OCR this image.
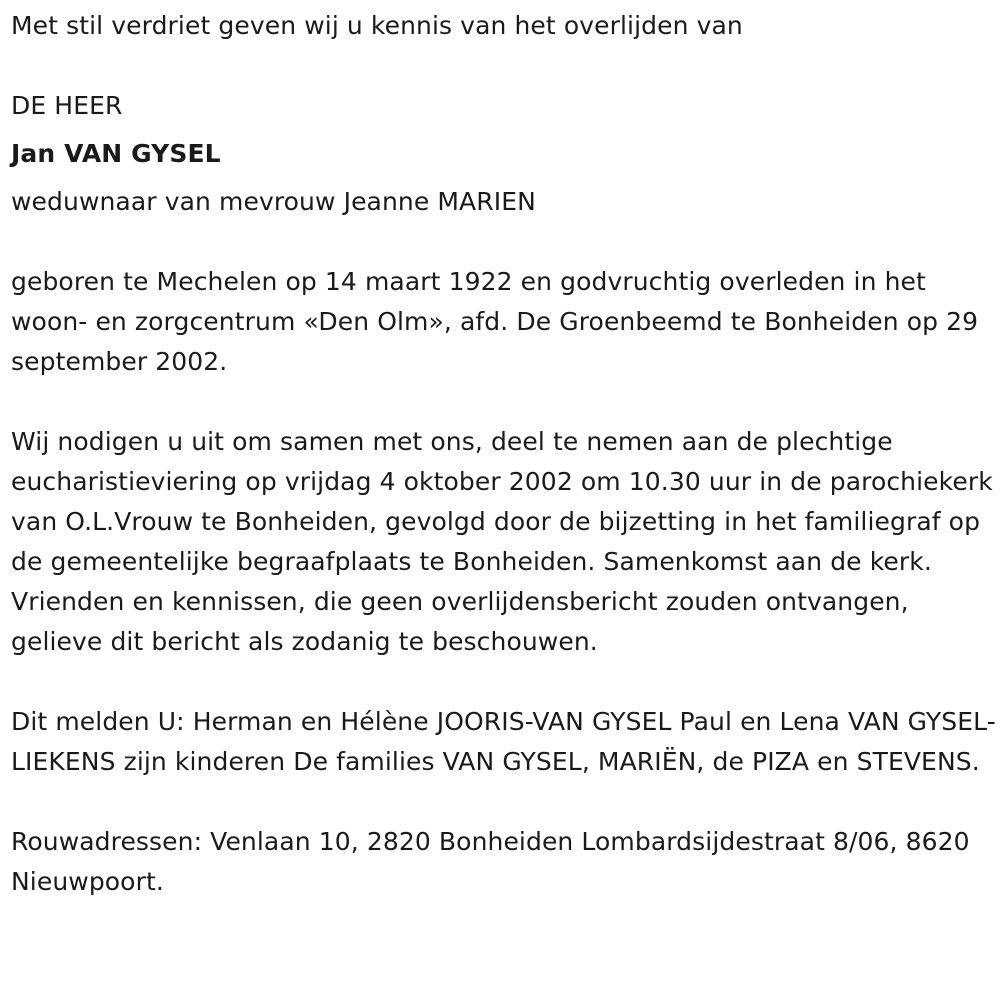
Met stil verdriet geven wij u kennis van het overlijden van

DE HEER

Jan VAN GYSEL

weduwnaar van mevrouw Jeanne MARIEN

geboren te Mechelen op 14 maart 1922 en godvruchtig overleden in het woon- en zorgcentrum «Den Olm», afd. De Groenbeemd te Bonheiden op 29 september 2002.

Wij nodigen u uit om samen met ons, deel te nemen aan de plechtige eucharistieviering op vrijdag 4 oktober 2002 om 10.30 uur in de parochiekerk van O.L.Vrouw te Bonheiden, gevolgd door de bijzetting in het familiegraf op de gemeentelijke begraafplaats te Bonheiden. Samenkomst aan de kerk. Vrienden en kennissen, die geen overlijdensbericht zouden ontvangen, gelieve dit bericht als zodanig te beschouwen.

Dit melden U: Herman en Hélène JOORIS-VAN GYSEL Paul en Lena VAN GYSEL-LIEKENS zijn kinderen De families VAN GYSEL, MARIËN, de PIZA en STEVENS.

Rouwadressen: Venlaan 10, 2820 Bonheiden Lombardsijdestraat 8/06, 8620 Nieuwpoort.
